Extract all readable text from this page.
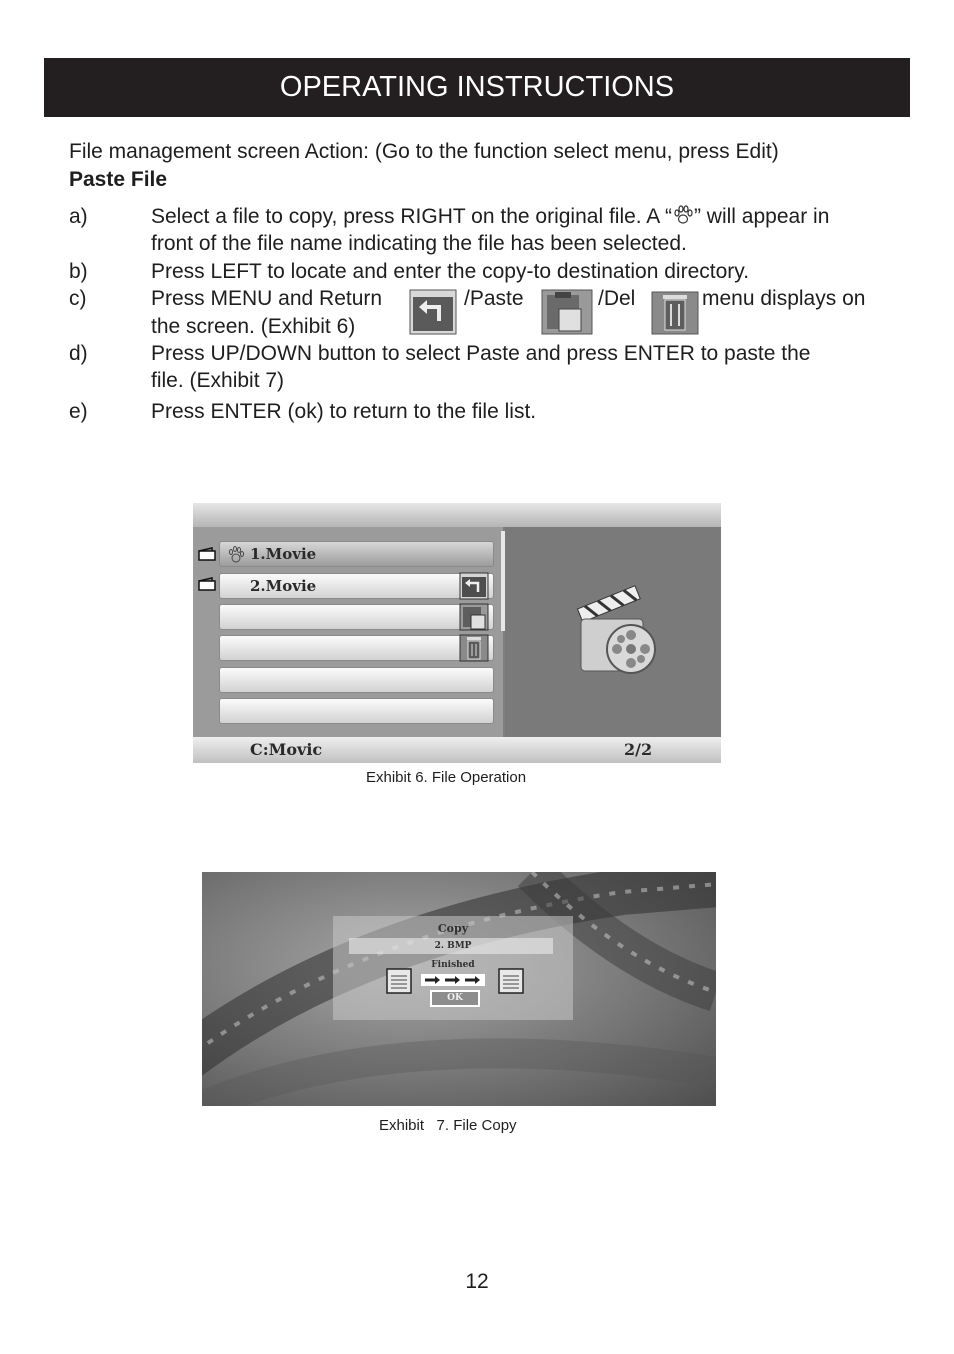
OPERATING INSTRUCTIONS
File management screen Action: (Go to the function select menu, press Edit)
Paste File
a)	Select a file to copy, press RIGHT on the original file. A “ ” will appear in
front of the file name indicating the file has been selected.
b)	Press LEFT to locate and enter the copy-to destination directory.
c)	Press MENU and Return	/Paste	/Del	menu displays on
the screen. (Exhibit 6)
d)	Press UP/DOWN button to select Paste and press ENTER to paste the
file. (Exhibit 7)
e)	Press ENTER (ok) to return to the file list.
1.Movie
2.Movie
C:Movic	2/2
Exhibit 6. File Operation
Copy
2. BMP
Finished
OK
Exhibit   7. File Copy
12
